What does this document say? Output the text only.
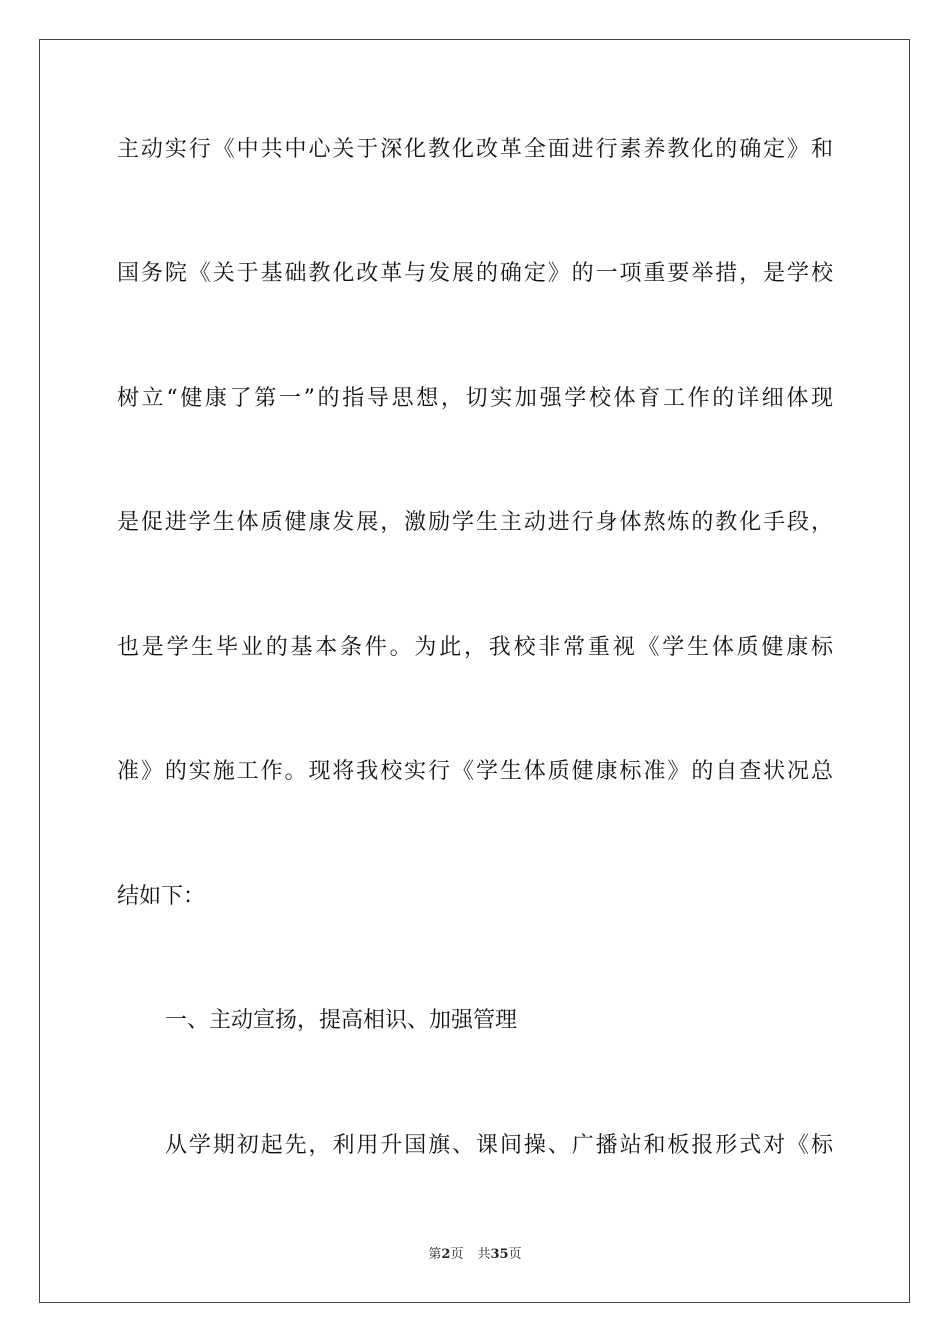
主动实行《中共中心关于深化教化改革全面进行素养教化的确定》和
国务院《关于基础教化改革与发展的确定》的一项重要举措，是学校
树立“健康了第一”的指导思想，切实加强学校体育工作的详细体现
是促进学生体质健康发展，激励学生主动进行身体熬炼的教化手段，
也是学生毕业的基本条件。为此，我校非常重视《学生体质健康标
准》的实施工作。现将我校实行《学生体质健康标准》的自查状况总
结如下：
一、主动宣扬，提高相识、加强管理
从学期初起先，利用升国旗、课间操、广播站和板报形式对《标
第2页 共35页
